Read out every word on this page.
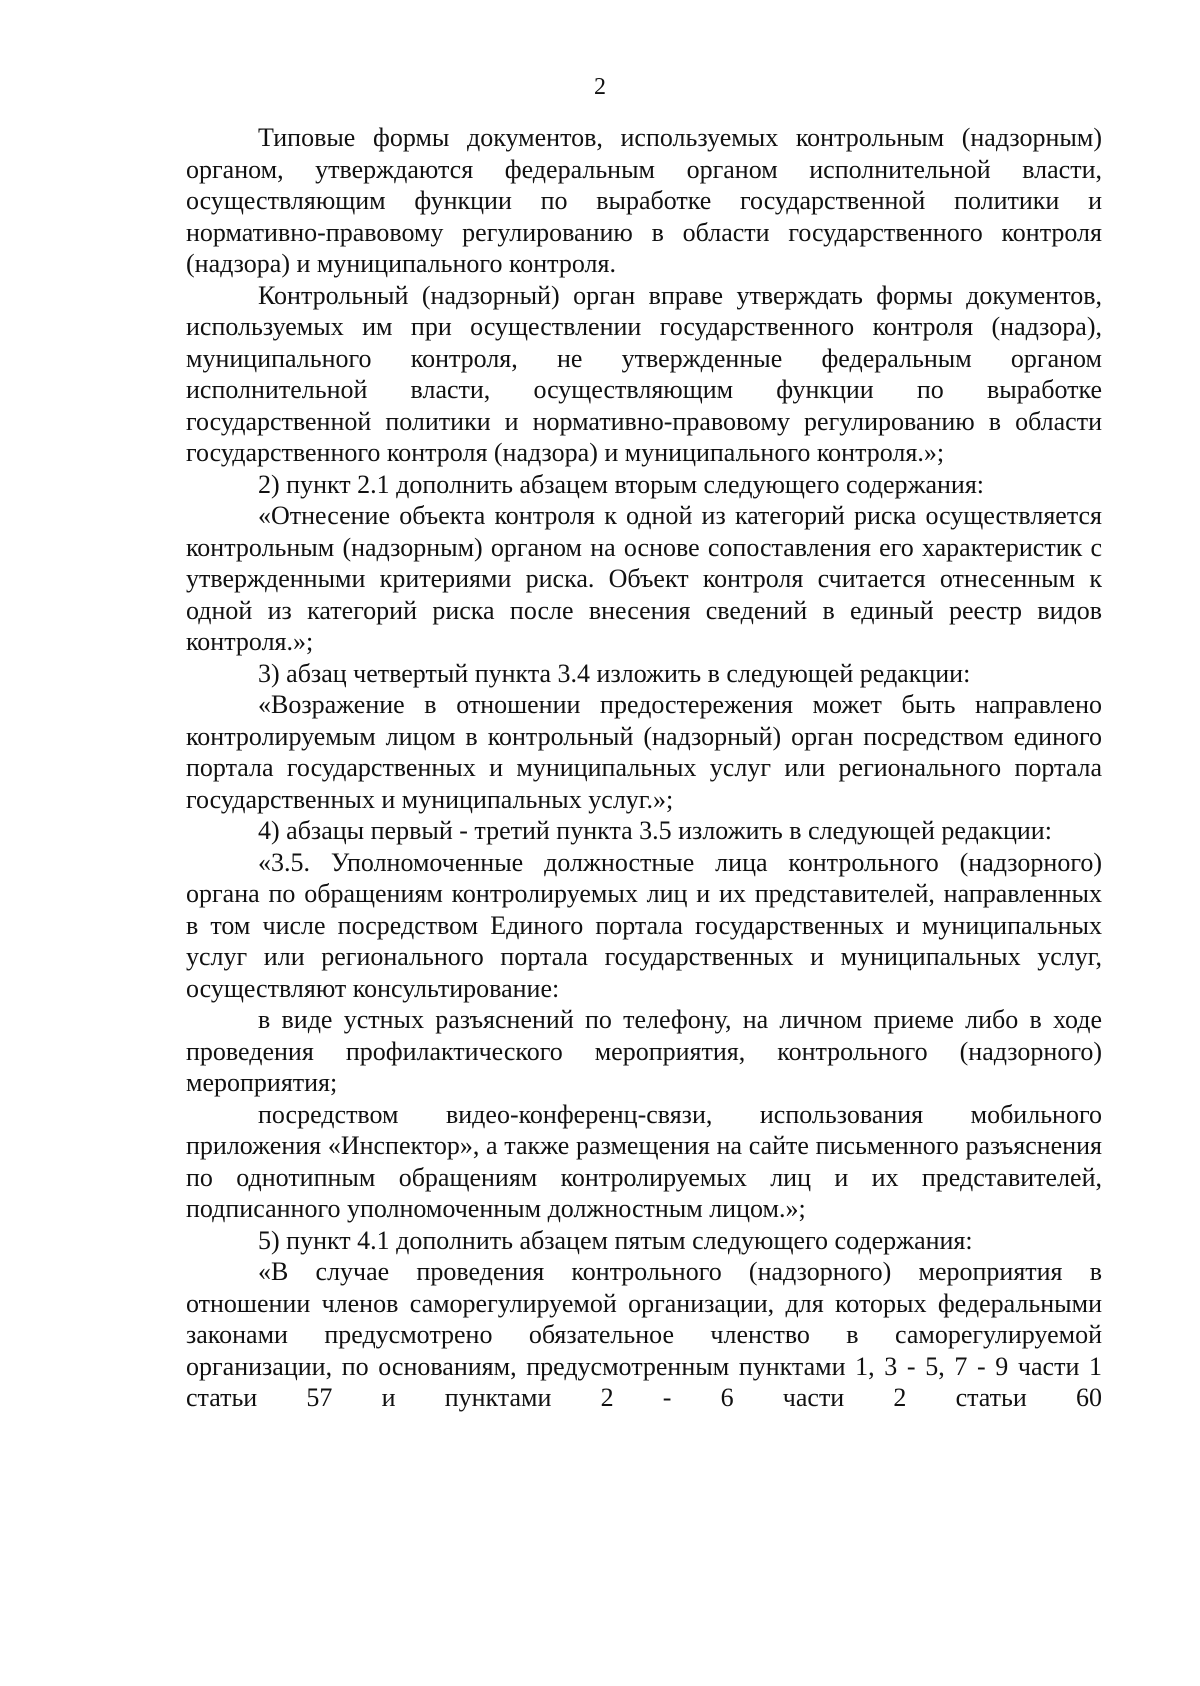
2

Типовые формы документов, используемых контрольным (надзорным) органом, утверждаются федеральным органом исполнительной власти, осуществляющим функции по выработке государственной политики и нормативно-правовому регулированию в области государственного контроля (надзора) и муниципального контроля.

Контрольный (надзорный) орган вправе утверждать формы документов, используемых им при осуществлении государственного контроля (надзора), муниципального контроля, не утвержденные федеральным органом исполнительной власти, осуществляющим функции по выработке государственной политики и нормативно-правовому регулированию в области государственного контроля (надзора) и муниципального контроля.»;

2) пункт 2.1 дополнить абзацем вторым следующего содержания:

«Отнесение объекта контроля к одной из категорий риска осуществляется контрольным (надзорным) органом на основе сопоставления его характеристик с утвержденными критериями риска. Объект контроля считается отнесенным к одной из категорий риска после внесения сведений в единый реестр видов контроля.»;

3) абзац четвертый пункта 3.4 изложить в следующей редакции:

«Возражение в отношении предостережения может быть направлено контролируемым лицом в контрольный (надзорный) орган посредством единого портала государственных и муниципальных услуг или регионального портала государственных и муниципальных услуг.»;

4) абзацы первый - третий пункта 3.5 изложить в следующей редакции:

«3.5. Уполномоченные должностные лица контрольного (надзорного) органа по обращениям контролируемых лиц и их представителей, направленных в том числе посредством Единого портала государственных и муниципальных услуг или регионального портала государственных и муниципальных услуг, осуществляют консультирование:

в виде устных разъяснений по телефону, на личном приеме либо в ходе проведения профилактического мероприятия, контрольного (надзорного) мероприятия;

посредством видео-конференц-связи, использования мобильного приложения «Инспектор», а также размещения на сайте письменного разъяснения по однотипным обращениям контролируемых лиц и их представителей, подписанного уполномоченным должностным лицом.»;

5) пункт 4.1 дополнить абзацем пятым следующего содержания:

«В случае проведения контрольного (надзорного) мероприятия в отношении членов саморегулируемой организации, для которых федеральными законами предусмотрено обязательное членство в саморегулируемой организации, по основаниям, предусмотренным пунктами 1, 3 - 5, 7 - 9 части 1 статьи 57 и пунктами 2 - 6 части 2 статьи 60
